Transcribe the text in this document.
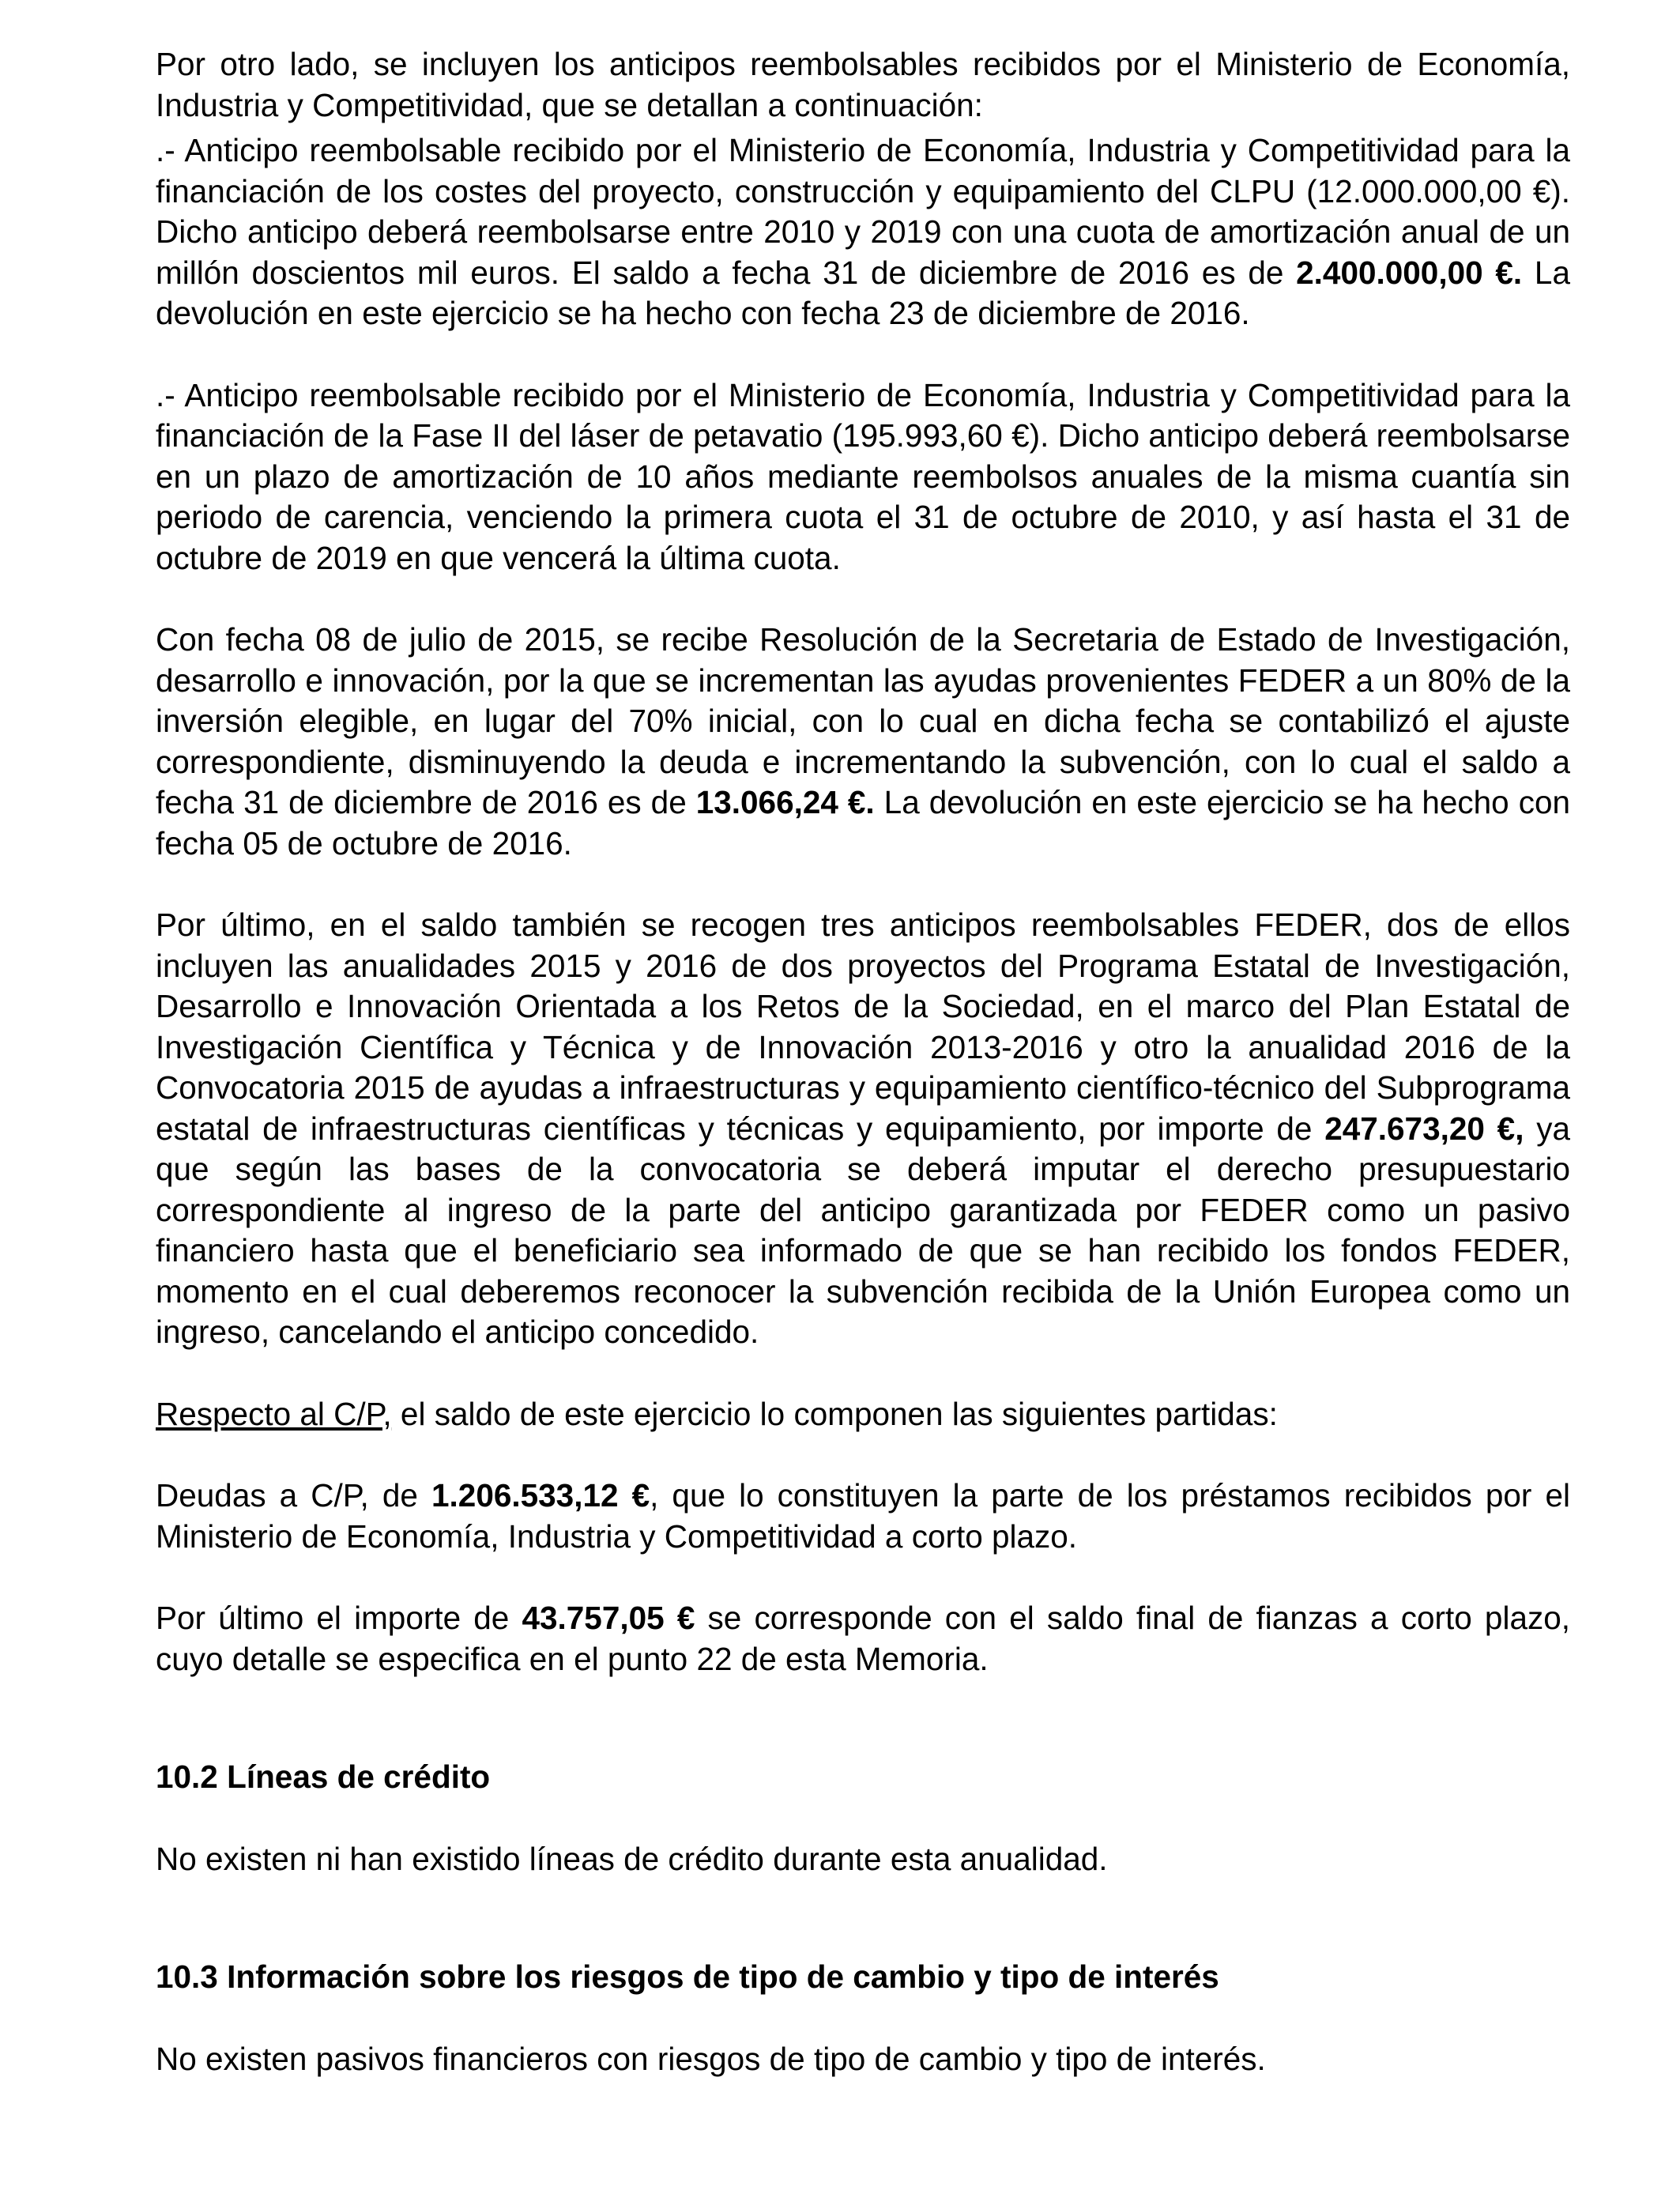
Por otro lado, se incluyen los anticipos reembolsables recibidos por el Ministerio de Economía, Industria y Competitividad, que se detallan a continuación:

.- Anticipo reembolsable recibido por el Ministerio de Economía, Industria y Competitividad para la financiación de los costes del proyecto, construcción y equipamiento del CLPU (12.000.000,00 €). Dicho anticipo deberá reembolsarse entre 2010 y 2019 con una cuota de amortización anual de un millón doscientos mil euros. El saldo a fecha 31 de diciembre de 2016 es de 2.400.000,00 €. La devolución en este ejercicio se ha hecho con fecha 23 de diciembre de 2016.

.- Anticipo reembolsable recibido por el Ministerio de Economía, Industria y Competitividad para la financiación de la Fase II del láser de petavatio (195.993,60 €). Dicho anticipo deberá reembolsarse en un plazo de amortización de 10 años mediante reembolsos anuales de la misma cuantía sin periodo de carencia, venciendo la primera cuota el 31 de octubre de 2010, y así hasta el 31 de octubre de 2019 en que vencerá la última cuota.

Con fecha 08 de julio de 2015, se recibe Resolución de la Secretaria de Estado de Investigación, desarrollo e innovación, por la que se incrementan las ayudas provenientes FEDER a un 80% de la inversión elegible, en lugar del 70% inicial, con lo cual en dicha fecha se contabilizó el ajuste correspondiente, disminuyendo la deuda e incrementando la subvención, con lo cual el saldo a fecha 31 de diciembre de 2016 es de 13.066,24 €. La devolución en este ejercicio se ha hecho con fecha 05 de octubre de 2016.

Por último, en el saldo también se recogen tres anticipos reembolsables FEDER, dos de ellos incluyen las anualidades 2015 y 2016 de dos proyectos del Programa Estatal de Investigación, Desarrollo e Innovación Orientada a los Retos de la Sociedad, en el marco del Plan Estatal de Investigación Científica y Técnica y de Innovación 2013-2016 y otro la anualidad 2016 de la Convocatoria 2015 de ayudas a infraestructuras y equipamiento científico-técnico del Subprograma estatal de infraestructuras científicas y técnicas y equipamiento, por importe de 247.673,20 €, ya que según las bases de la convocatoria se deberá imputar el derecho presupuestario correspondiente al ingreso de la parte del anticipo garantizada por FEDER como un pasivo financiero hasta que el beneficiario sea informado de que se han recibido los fondos FEDER, momento en el cual deberemos reconocer la subvención recibida de la Unión Europea como un ingreso, cancelando el anticipo concedido.

Respecto al C/P, el saldo de este ejercicio lo componen las siguientes partidas:

Deudas a C/P, de 1.206.533,12 €, que lo constituyen la parte de los préstamos recibidos por el Ministerio de Economía, Industria y Competitividad a corto plazo.

Por último el importe de 43.757,05 € se corresponde con el saldo final de fianzas a corto plazo, cuyo detalle se especifica en el punto 22 de esta Memoria.

10.2 Líneas de crédito

No existen ni han existido líneas de crédito durante esta anualidad.

10.3 Información sobre los riesgos de tipo de cambio y tipo de interés

No existen pasivos financieros con riesgos de tipo de cambio y tipo de interés.
